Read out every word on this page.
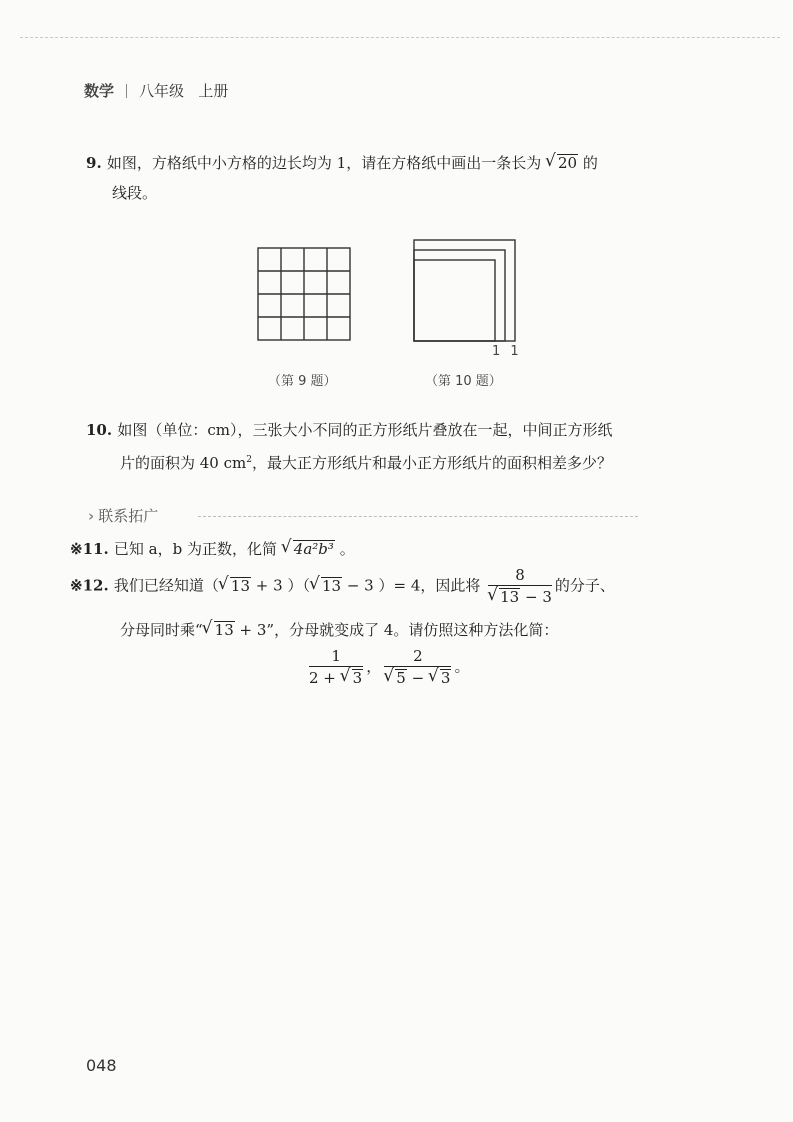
数学 八年级 上册
9. 如图，方格纸中小方格的边长均为 1，请在方格纸中画出一条长为 √ 20 的
线段。
（第 9 题）
1 1
（第 10 题）
10. 如图（单位：cm），三张大小不同的正方形纸片叠放在一起，中间正方形纸
片的面积为 40 $cm^2$，最大正方形纸片和最小正方形纸片的面积相差多少？
› 联系拓广
※11. 已知 a，b 为正数，化简 √ 4a²b³ 。
※12. 我们已经知道（ √ 13 + 3 ）（ √ 13 − 3 ）= 4，因此将 8
√ 13 − 3 的分子、
分母同时乘“ √ 13 + 3”，分母就变成了 4。请仿照这种方法化简：
$\frac{1}{2 + √ 3}$ ， 2
√ 5 − √ 3 。
048
